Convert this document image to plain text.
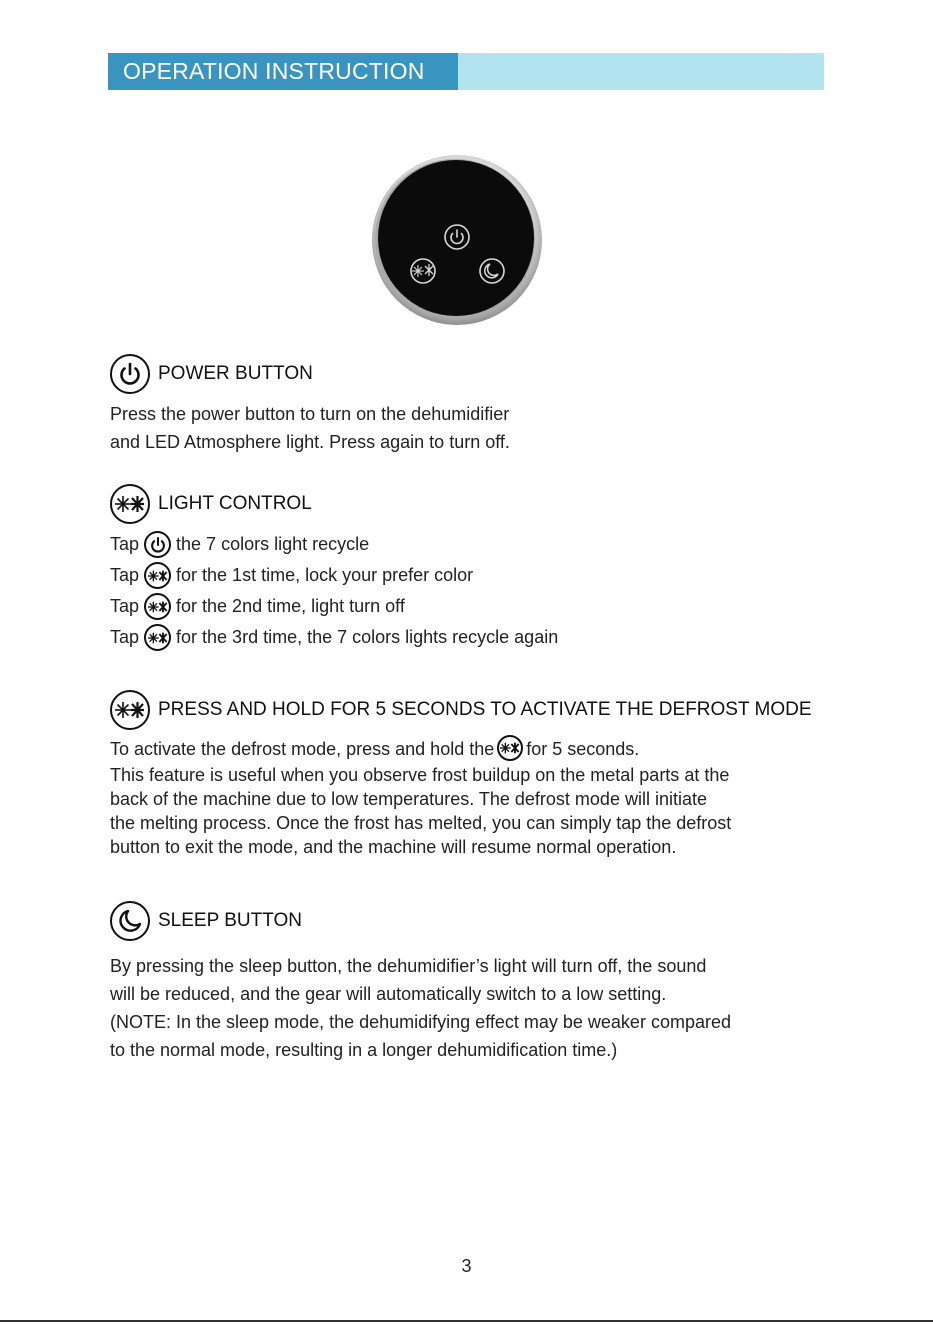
OPERATION INSTRUCTION
POWER BUTTON

Press the power button to turn on the dehumidifier
and LED Atmosphere light. Press again to turn off.

LIGHT CONTROL
Tap the 7 colors light recycle
Tap for the 1st time, lock your prefer color
Tap for the 2nd time, light turn off
Tap for the 3rd time, the 7 colors lights recycle again
PRESS AND HOLD FOR 5 SECONDS TO ACTIVATE THE DEFROST MODE

To activate the defrost mode, press and hold the for 5 seconds.
This feature is useful when you observe frost buildup on the metal parts at the
back of the machine due to low temperatures. The defrost mode will initiate
the melting process. Once the frost has melted, you can simply tap the defrost
button to exit the mode, and the machine will resume normal operation.

SLEEP BUTTON

By pressing the sleep button, the dehumidifier’s light will turn off, the sound
will be reduced, and the gear will automatically switch to a low setting.
(NOTE: In the sleep mode, the dehumidifying effect may be weaker compared
to the normal mode, resulting in a longer dehumidification time.)

3
